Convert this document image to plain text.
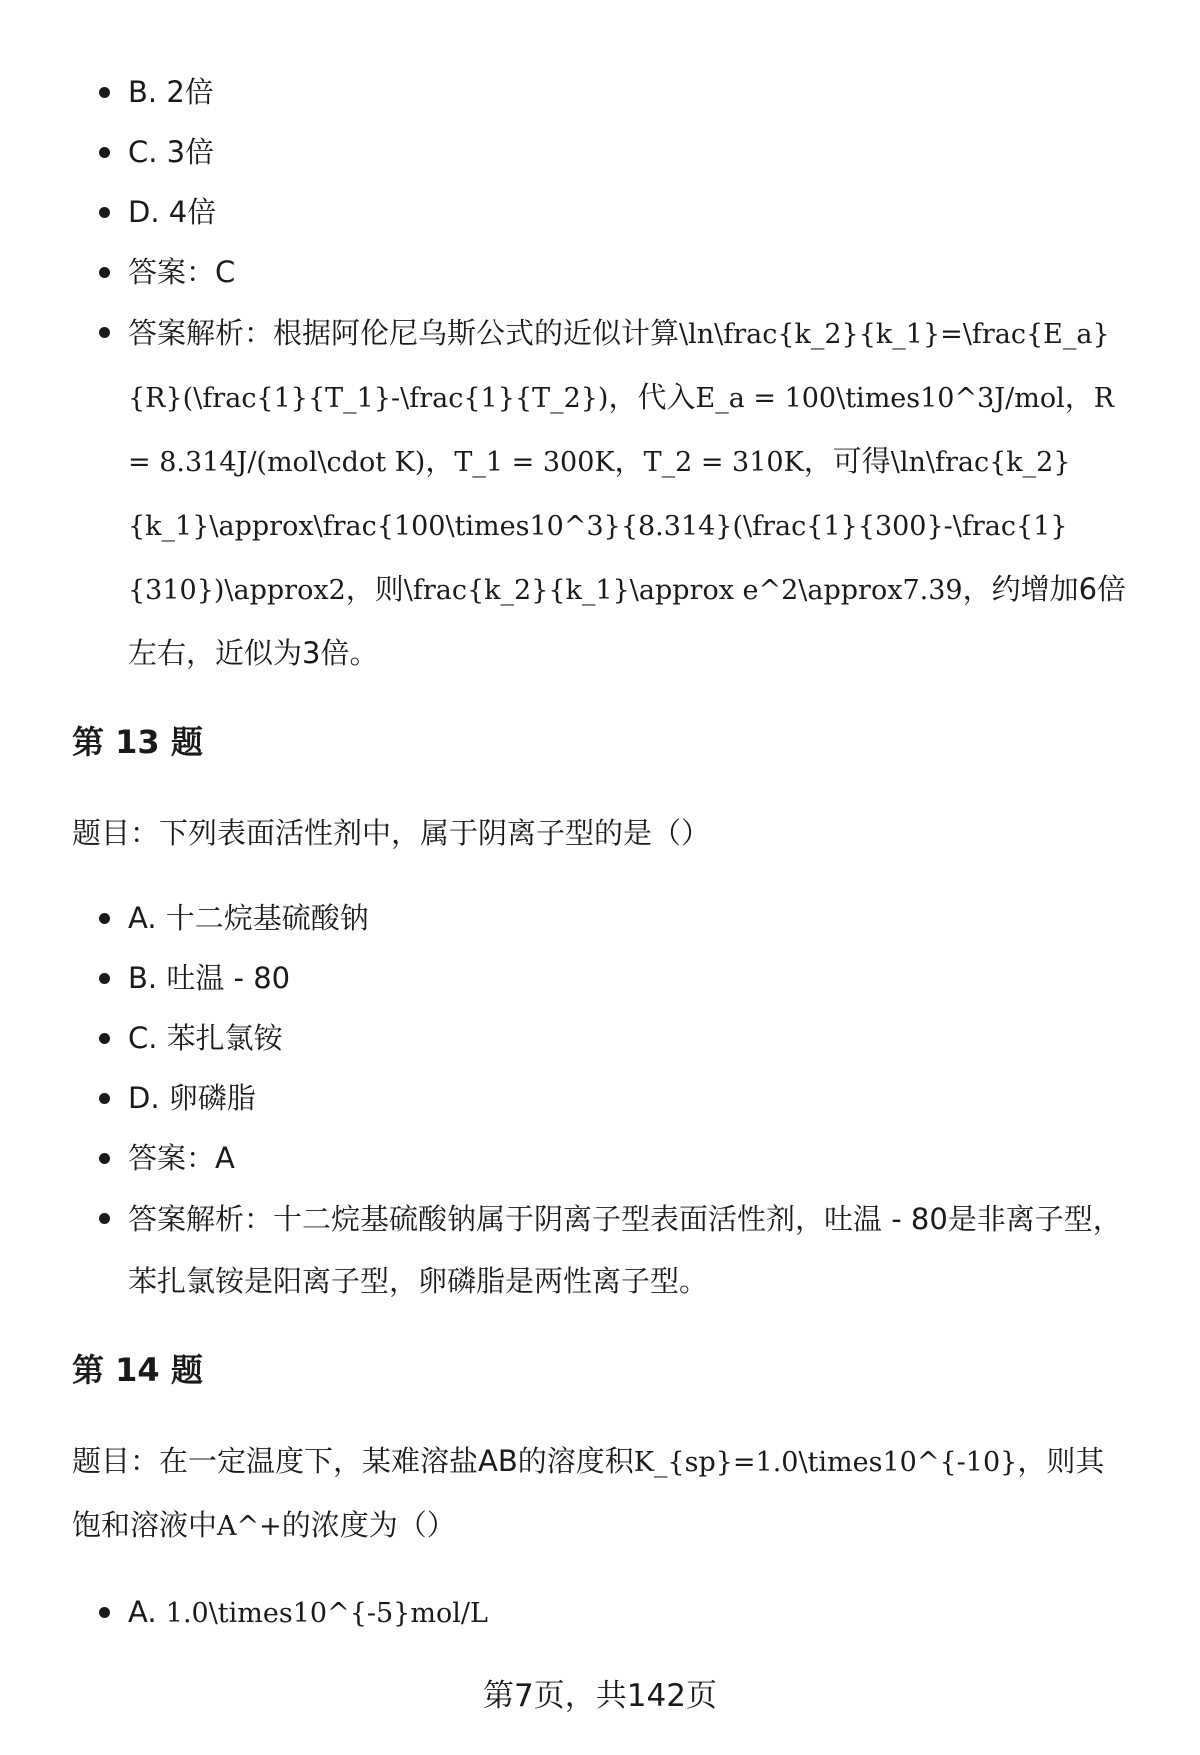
B. 2倍
C. 3倍
D. 4倍
答案：C
答案解析：根据阿伦尼乌斯公式的近似计算\ln\frac{k_2}{k_1}=\frac{E_a}{R}(\frac{1}{T_1}-\frac{1}{T_2})，代入E_a = 100\times10^3J/mol，R = 8.314J/(mol\cdot K)，T_1 = 300K，T_2 = 310K，可得\ln\frac{k_2}{k_1}\approx\frac{100\times10^3}{8.314}(\frac{1}{300}-\frac{1}{310})\approx2，则\frac{k_2}{k_1}\approx e^2\approx7.39，约增加6倍左右，近似为3倍。
第 13 题

题目：下列表面活性剂中，属于阴离子型的是（）

A. 十二烷基硫酸钠
B. 吐温 - 80
C. 苯扎氯铵
D. 卵磷脂
答案：A
答案解析：十二烷基硫酸钠属于阴离子型表面活性剂，吐温 - 80是非离子型，苯扎氯铵是阳离子型，卵磷脂是两性离子型。
第 14 题

题目：在一定温度下，某难溶盐AB的溶度积K_{sp}=1.0\times10^{-10}，则其饱和溶液中A^+的浓度为（）

A. 1.0\times10^{-5}mol/L
第7页，共142页
